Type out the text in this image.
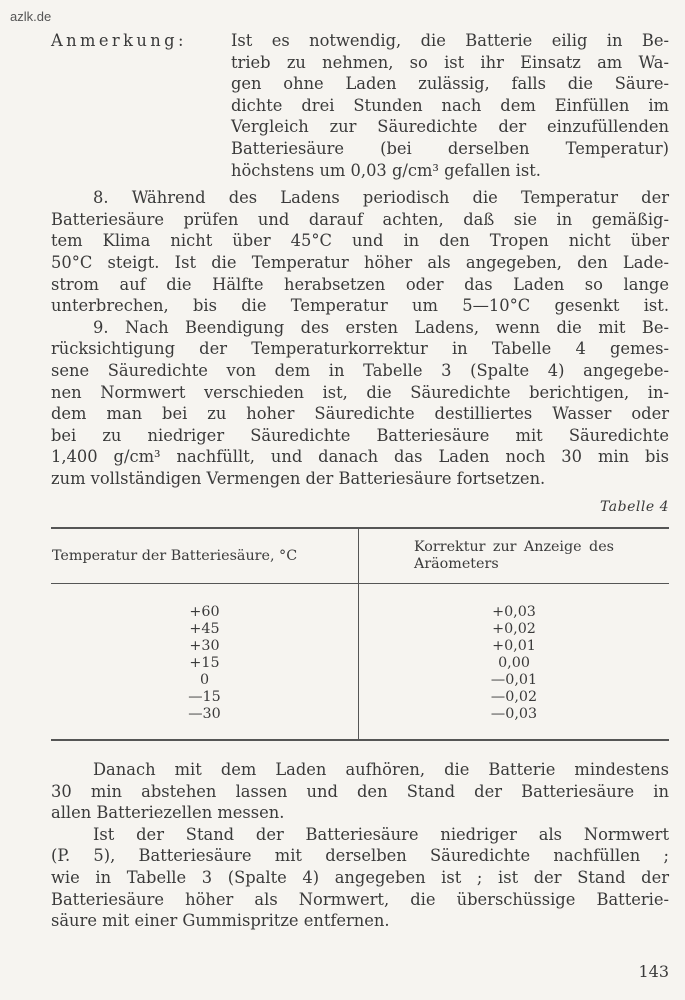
azlk.de
Anmerkung:	Ist es notwendig, die Batterie eilig in Be-
trieb zu nehmen, so ist ihr Einsatz am Wa-
gen ohne Laden zulässig, falls die Säure-
dichte drei Stunden nach dem Einfüllen im
Vergleich zur Säuredichte der einzufüllenden
Batteriesäure (bei derselben Temperatur)
höchstens um 0,03 g/cm³ gefallen ist.
8. Während des Ladens periodisch die Temperatur der
Batteriesäure prüfen und darauf achten, daß sie in gemäßig-
tem Klima nicht über 45°C und in den Tropen nicht über
50°C steigt. Ist die Temperatur höher als angegeben, den Lade-
strom auf die Hälfte herabsetzen oder das Laden so lange
unterbrechen, bis die Temperatur um 5—10°C gesenkt ist.
9. Nach Beendigung des ersten Ladens, wenn die mit Be-
rücksichtigung der Temperaturkorrektur in Tabelle 4 gemes-
sene Säuredichte von dem in Tabelle 3 (Spalte 4) angegebe-
nen Normwert verschieden ist, die Säuredichte berichtigen, in-
dem man bei zu hoher Säuredichte destilliertes Wasser oder
bei zu niedriger Säuredichte Batteriesäure mit Säuredichte
1,400 g/cm³ nachfüllt, und danach das Laden noch 30 min bis
zum vollständigen Vermengen der Batteriesäure fortsetzen.
Tabelle 4
Temperatur der Batteriesäure, °C	Korrektur zur Anzeige des Aräometers

+60	+0,03
+45	+0,02
+30	+0,01
+15	0,00
0	—0,01
—15	—0,02
—30	—0,03
Danach mit dem Laden aufhören, die Batterie mindestens
30 min abstehen lassen und den Stand der Batteriesäure in
allen Batteriezellen messen.
Ist der Stand der Batteriesäure niedriger als Normwert
(P. 5), Batteriesäure mit derselben Säuredichte nachfüllen ;
wie in Tabelle 3 (Spalte 4) angegeben ist ; ist der Stand der
Batteriesäure höher als Normwert, die überschüssige Batterie-
säure mit einer Gummispritze entfernen.
143
